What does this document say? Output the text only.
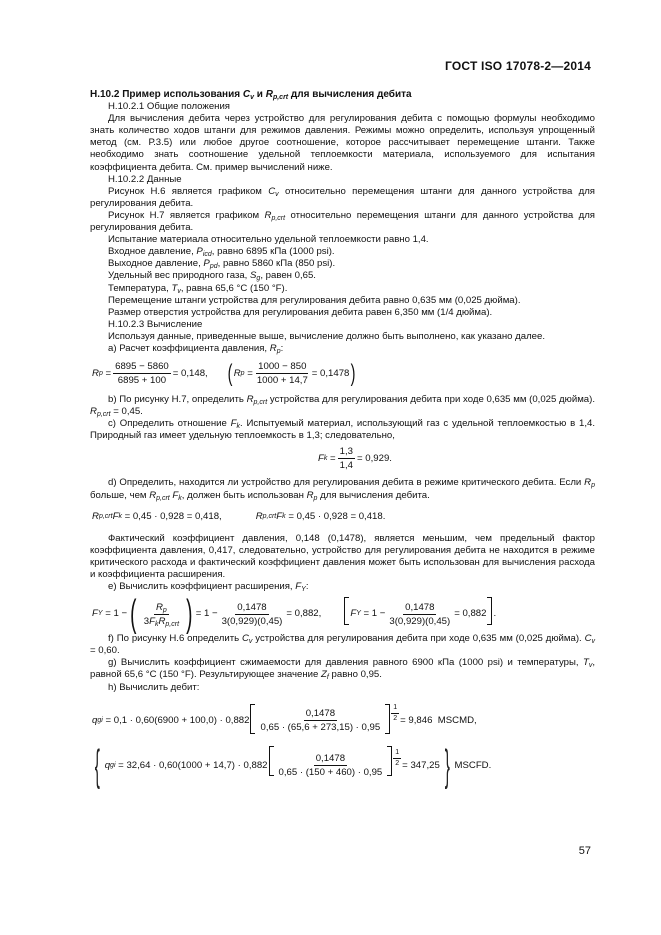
ГОСТ ISO 17078-2—2014
Н.10.2 Пример использования $C_v$ и $R_{p,crt}$ для вычисления дебита
Н.10.2.1 Общие положения
Для вычисления дебита через устройство для регулирования дебита с помощью формулы необходимо знать количество ходов штанги для режимов давления. Режимы можно определить, используя упрощенный метод (см. Р.3.5) или любое другое соотношение, которое рассчитывает перемещение штанги. Также необходимо знать соотношение удельной теплоемкости материала, используемого для испытания коэффициента дебита. См. пример вычислений ниже.
Н.10.2.2 Данные
Рисунок Н.6 является графиком $C_v$ относительно перемещения штанги для данного устройства для регулирования дебита.
Рисунок Н.7 является графиком $R_{p,crt}$ относительно перемещения штанги для данного устройства для регулирования дебита.
Испытание материала относительно удельной теплоемкости равно 1,4.
Входное давление, $P_{icd}$, равно 6895 кПа (1000 psi).
Выходное давление, $P_{pd}$, равно 5860 кПа (850 psi).
Удельный вес природного газа, $S_g$, равен 0,65.
Температура, $T_v$, равна 65,6 °C (150 °F).
Перемещение штанги устройства для регулирования дебита равно 0,635 мм (0,025 дюйма).
Размер отверстия устройства для регулирования дебита равен 6,350 мм (1/4 дюйма).
Н.10.2.3 Вычисление
Используя данные, приведенные выше, вычисление должно быть выполнено, как указано далее.
a) Расчет коэффициента давления, $R_p$:
R $p = \frac{6895 - 5860}{6895 + 100} = 0,148$, ( R $p = \frac{1000 - 850}{1000 + 14,7} = 0,1478$ )
b) По рисунку Н.7, определить $R_{p,crt}$ устройства для регулирования дебита при ходе 0,635 мм (0,025 дюйма). $R_{p,crt} = 0,45$.
c) Определить отношение $F_k$. Испытуемый материал, использующий газ с удельной теплоемкостью в 1,4. Природный газ имеет удельную теплоемкость в 1,3; следовательно,
F $k = \frac{1,3}{1,4} = 0,929$.
d) Определить, находится ли устройство для регулирования дебита в режиме критического дебита. Если $R_p$ больше, чем $R_{p,crt}$ $F_k$, должен быть использован $R_p$ для вычисления дебита.
R p,crt F k
= 0,45 · 0,928 = 0,418,	R p,crt F k
= 0,45 · 0,928 = 0,418.
Фактический коэффициент давления, 0,148 (0,1478), является меньшим, чем предельный фактор коэффициента давления, 0,417, следовательно, устройство для регулирования дебита не находится в режиме критического расхода и фактический коэффициент давления может быть использован для вычисления расхода и коэффициента расширения.
e) Вычислить коэффициент расширения, $F_Y$:
F Y
= 1 − ( $\frac{R_p}{3F_kR_{p,crt}}$ ) = $1 - \frac{0,1478}{3(0,929)(0,45)} = 0,882$,	F Y
= $1 - \frac{0,1478}{3(0,929)(0,45)} = 0,882$ .
f) По рисунку Н.6 определить $C_v$ устройства для регулирования дебита при ходе 0,635 мм (0,025 дюйма). $C_v = 0,60$.
g) Вычислить коэффициент сжимаемости для давления равного 6900 кПа (1000 psi) и температуры, $T_v$, равной 65,6 °C (150 °F). Результирующее значение $Z_f$ равно 0,95.
h) Вычислить дебит:
q gi
= $0,1 \cdot 0,60(6900 + 100,0) \cdot 0,882 \frac{0,1478}{0,65 \cdot (65,6 + 273,15) \cdot 0,95} \frac{1}{2} = 9,846$
MSCMD,
{ q gi
= $32,64 \cdot 0,60(1000 + 14,7) \cdot 0,882 \frac{0,1478}{0,65 \cdot (150 + 460) \cdot 0,95} \frac{1}{2} = 347,25$ } MSCFD.
57
